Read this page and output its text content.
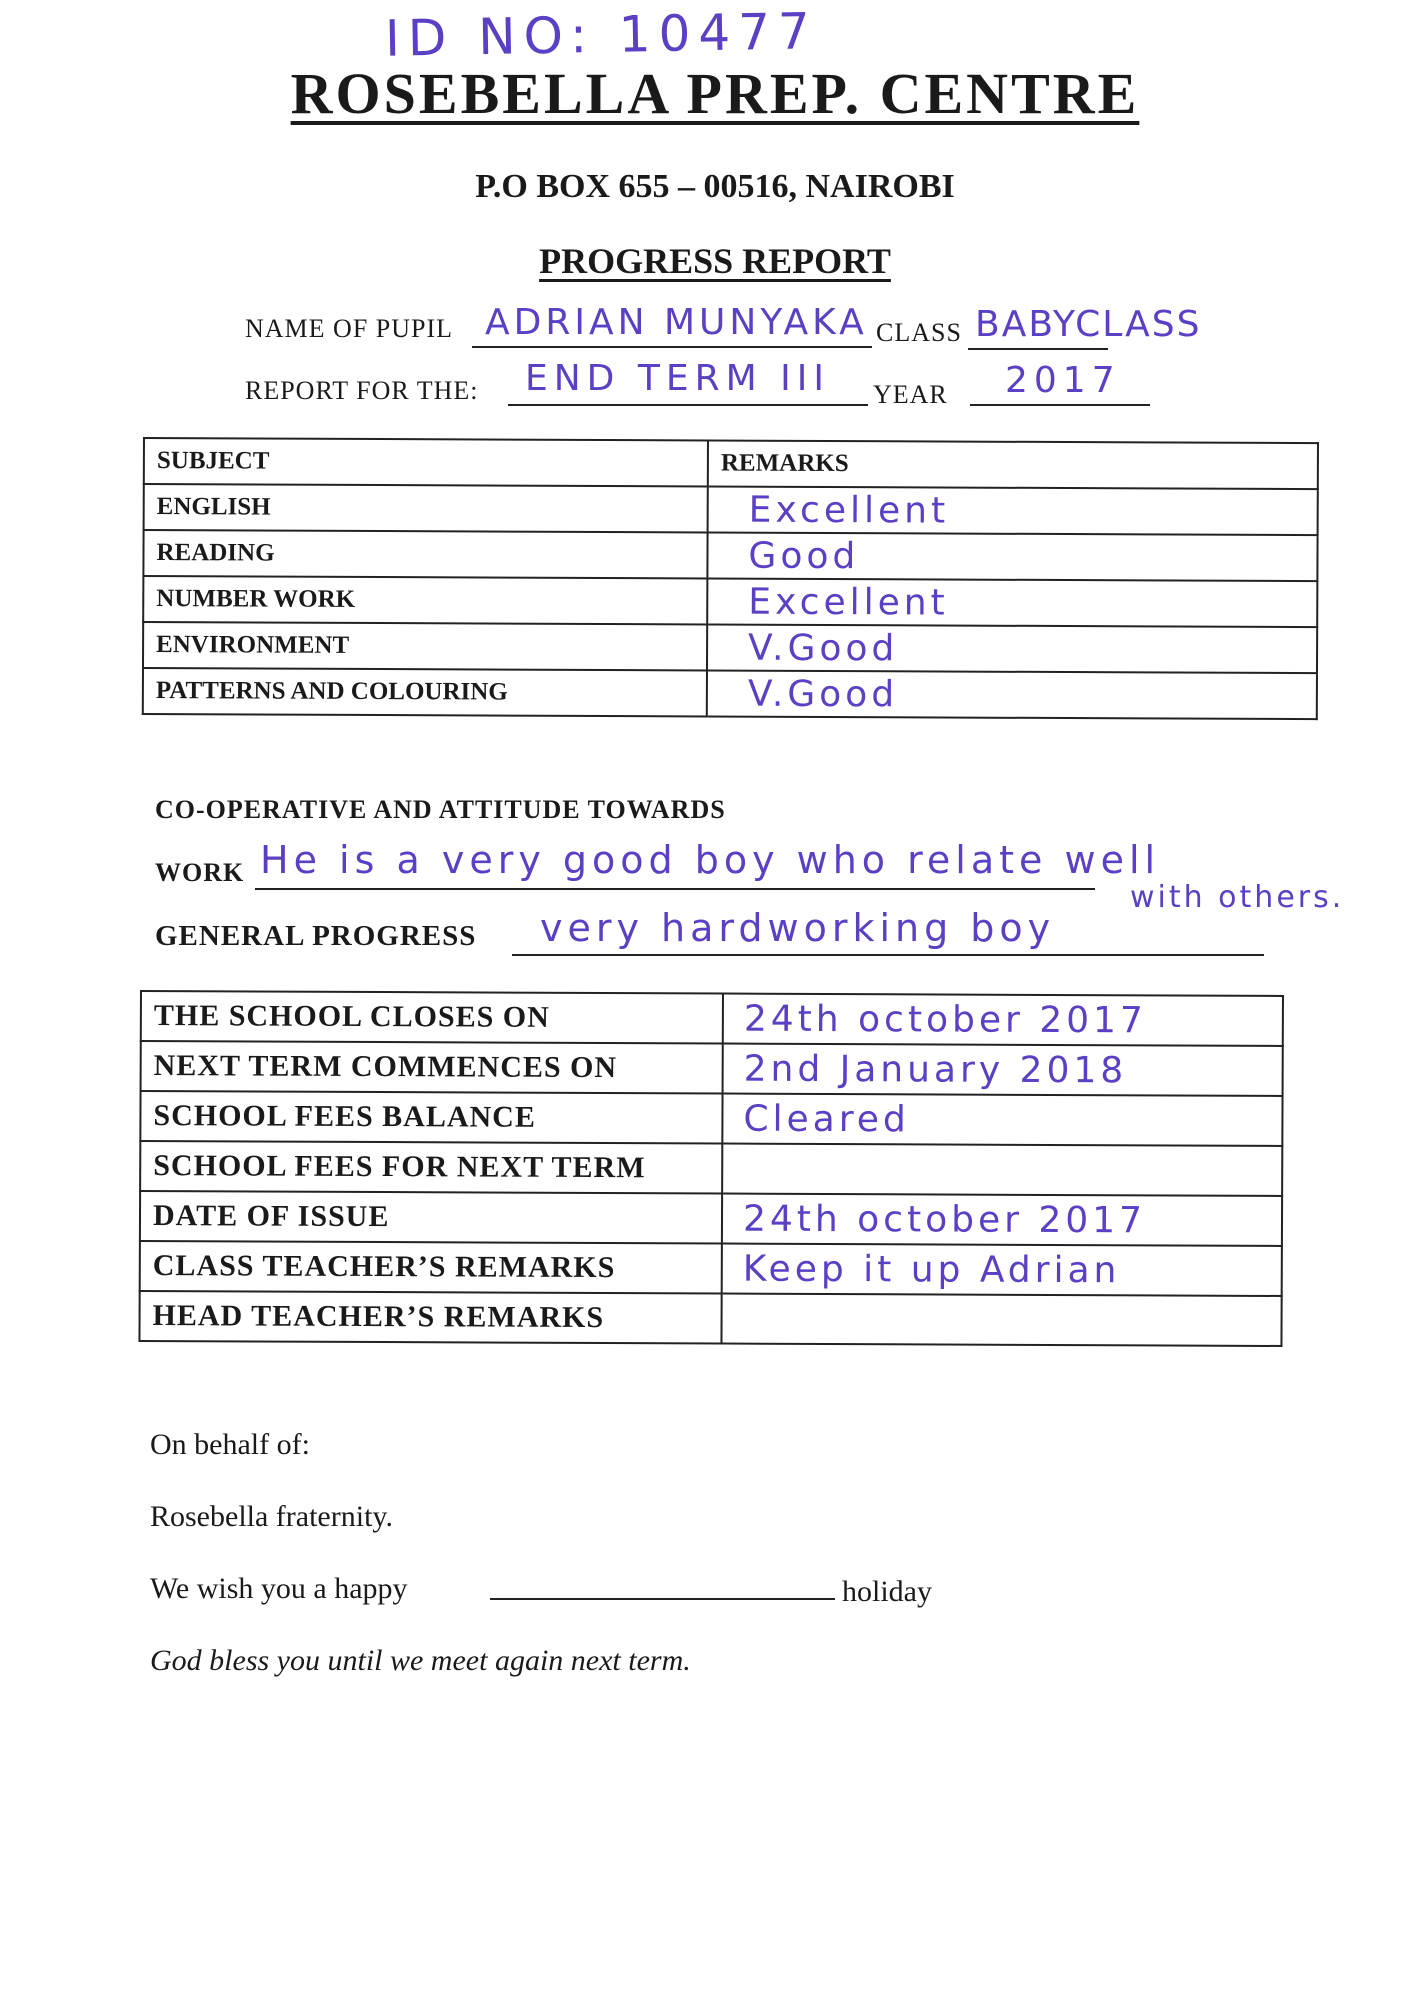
ID NO: 10477
ROSEBELLA PREP. CENTRE
P.O BOX 655 – 00516, NAIROBI
PROGRESS REPORT
NAME OF PUPIL ADRIAN MUNYAKA CLASS BABYCLASS
REPORT FOR THE: END TERM III YEAR 2017
SUBJECT	REMARKS
ENGLISH	Excellent
READING	Good
NUMBER WORK	Excellent
ENVIRONMENT	V.Good
PATTERNS AND COLOURING	V.Good
CO-OPERATIVE AND ATTITUDE TOWARDS
WORK He is a very good boy who relate well
with others.
GENERAL PROGRESS very hardworking boy
THE SCHOOL CLOSES ON	24th october 2017
NEXT TERM COMMENCES ON	2nd January 2018
SCHOOL FEES BALANCE	Cleared
SCHOOL FEES FOR NEXT TERM	
DATE OF ISSUE	24th october 2017
CLASS TEACHER’S REMARKS	Keep it up Adrian
HEAD TEACHER’S REMARKS	

On behalf of:

Rosebella fraternity.

We wish you a happy	holiday

God bless you until we meet again next term.
